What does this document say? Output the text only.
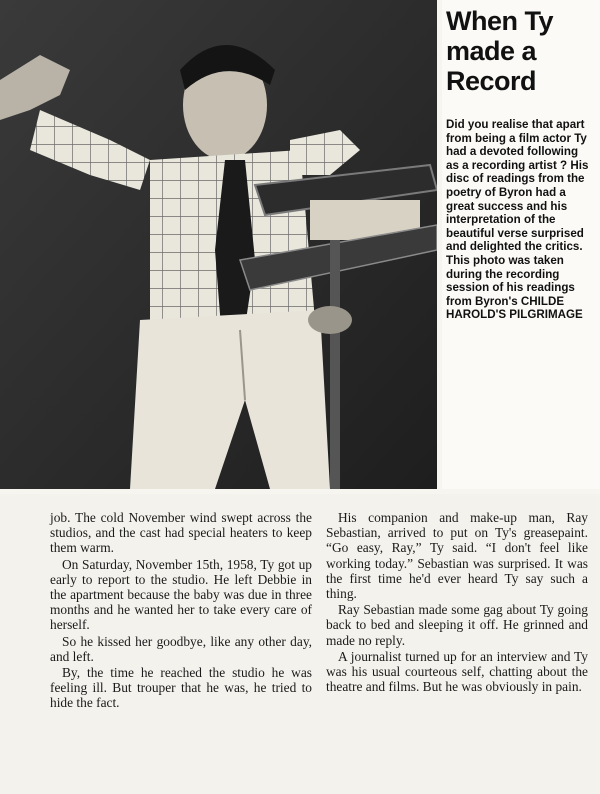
When Ty made a Record
Did you realise that apart from being a film actor Ty had a devoted following as a recording artist ? His disc of readings from the poetry of Byron had a great success and his interpretation of the beautiful verse surprised and delighted the critics. This photo was taken during the recording session of his readings from Byron's CHILDE HAROLD'S PILGRIMAGE

job. The cold November wind swept across the studios, and the cast had special heaters to keep them warm.

On Saturday, November 15th, 1958, Ty got up early to report to the studio. He left Debbie in the apartment because the baby was due in three months and he wanted her to take every care of herself.

So he kissed her goodbye, like any other day, and left.

By, the time he reached the studio he was feeling ill. But trouper that he was, he tried to hide the fact.

His companion and make-up man, Ray Sebastian, arrived to put on Ty's greasepaint. “Go easy, Ray,” Ty said. “I don't feel like working today.” Sebastian was surprised. It was the first time he'd ever heard Ty say such a thing.

Ray Sebastian made some gag about Ty going back to bed and sleeping it off. He grinned and made no reply.

A journalist turned up for an interview and Ty was his usual courteous self, chatting about the theatre and films. But he was obviously in pain.
